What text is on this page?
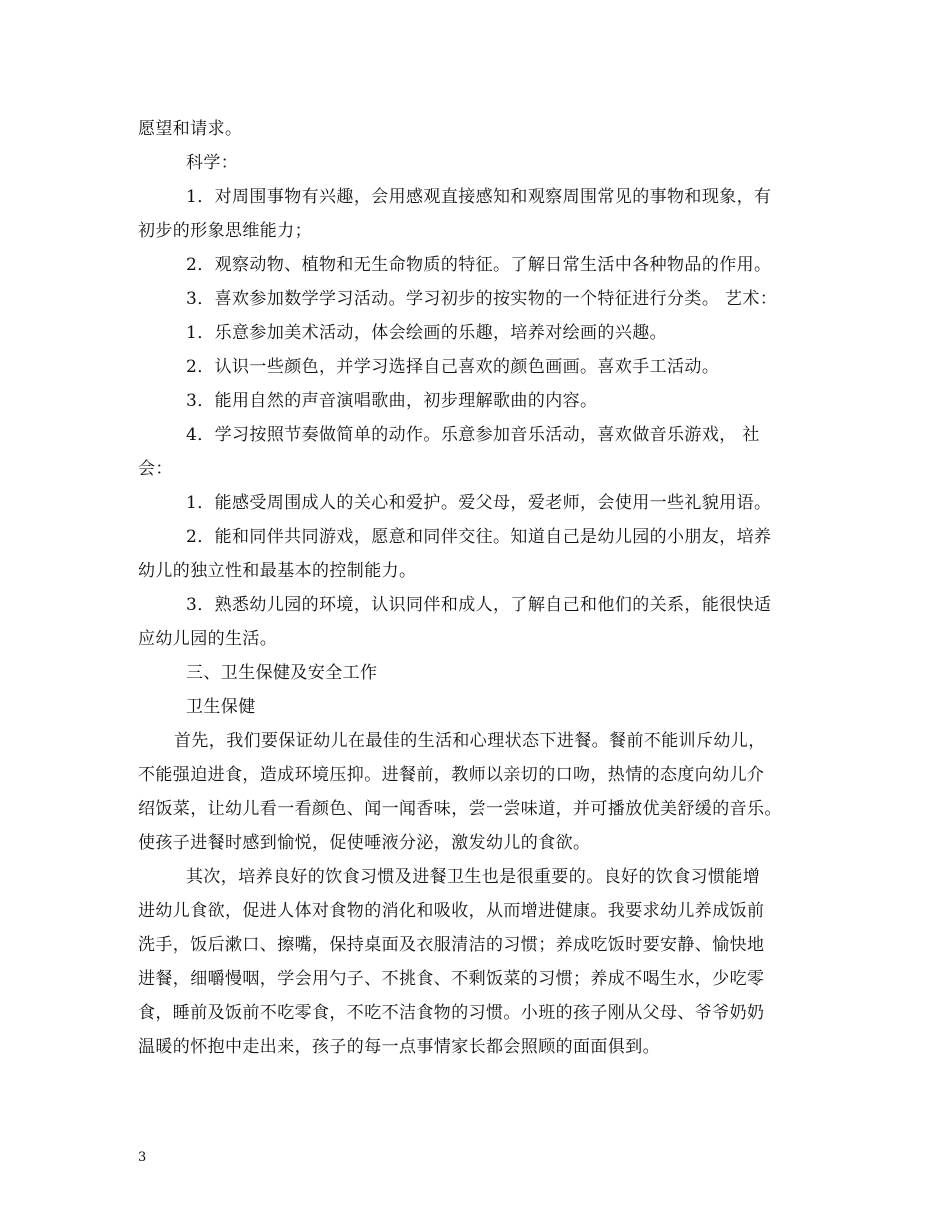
愿望和请求。
科学：
1．对周围事物有兴趣，会用感观直接感知和观察周围常见的事物和现象，有
初步的形象思维能力；
2．观察动物、植物和无生命物质的特征。了解日常生活中各种物品的作用。
3．喜欢参加数学学习活动。学习初步的按实物的一个特征进行分类。 艺术：
1．乐意参加美术活动，体会绘画的乐趣，培养对绘画的兴趣。
2．认识一些颜色，并学习选择自己喜欢的颜色画画。喜欢手工活动。
3．能用自然的声音演唱歌曲，初步理解歌曲的内容。
4．学习按照节奏做简单的动作。乐意参加音乐活动，喜欢做音乐游戏， 社
会：
1．能感受周围成人的关心和爱护。爱父母，爱老师，会使用一些礼貌用语。
2．能和同伴共同游戏，愿意和同伴交往。知道自己是幼儿园的小朋友，培养
幼儿的独立性和最基本的控制能力。
3．熟悉幼儿园的环境，认识同伴和成人，了解自己和他们的关系，能很快适
应幼儿园的生活。
三、卫生保健及安全工作
卫生保健
首先，我们要保证幼儿在最佳的生活和心理状态下进餐。餐前不能训斥幼儿，
不能强迫进食，造成环境压抑。进餐前，教师以亲切的口吻，热情的态度向幼儿介
绍饭菜，让幼儿看一看颜色、闻一闻香味，尝一尝味道，并可播放优美舒缓的音乐。
使孩子进餐时感到愉悦，促使唾液分泌，激发幼儿的食欲。
其次，培养良好的饮食习惯及进餐卫生也是很重要的。良好的饮食习惯能增
进幼儿食欲，促进人体对食物的消化和吸收，从而增进健康。我要求幼儿养成饭前
洗手，饭后漱口、擦嘴，保持桌面及衣服清洁的习惯；养成吃饭时要安静、愉快地
进餐，细嚼慢咽，学会用勺子、不挑食、不剩饭菜的习惯；养成不喝生水，少吃零
食，睡前及饭前不吃零食，不吃不洁食物的习惯。小班的孩子刚从父母、爷爷奶奶
温暖的怀抱中走出来，孩子的每一点事情家长都会照顾的面面俱到。
3
